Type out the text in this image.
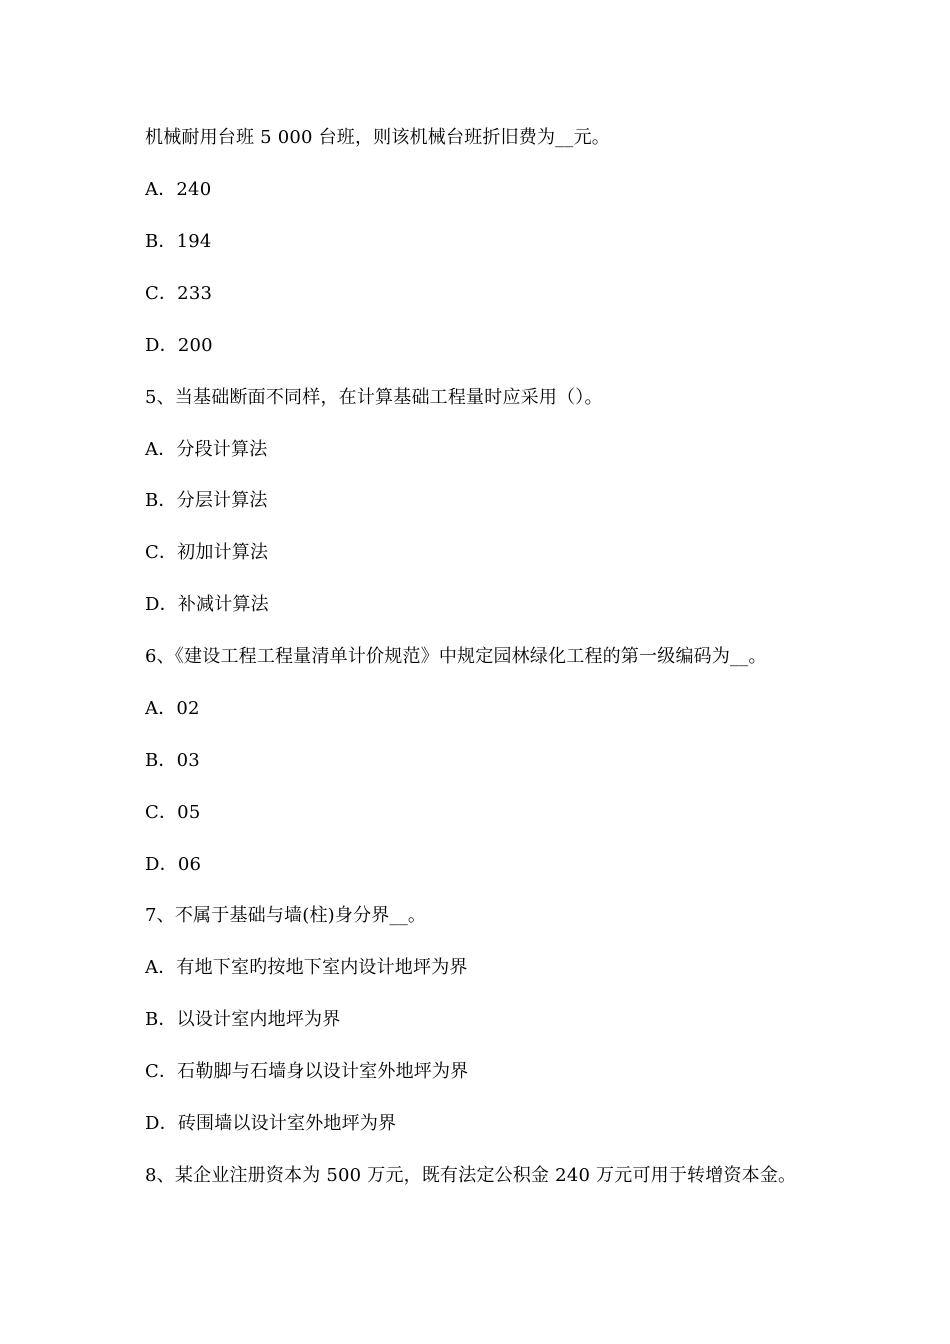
机械耐用台班 5 000 台班，则该机械台班折旧费为__元。
A．240
B．194
C．233
D．200
5、当基础断面不同样，在计算基础工程量时应采用（）。
A．分段计算法
B．分层计算法
C．初加计算法
D．补减计算法
6、《建设工程工程量清单计价规范》中规定园林绿化工程的第一级编码为__。
A．02
B．03
C．05
D．06
7、不属于基础与墙(柱)身分界__。
A．有地下室旳按地下室内设计地坪为界
B．以设计室内地坪为界
C．石勒脚与石墙身以设计室外地坪为界
D．砖围墙以设计室外地坪为界
8、某企业注册资本为 500 万元，既有法定公积金 240 万元可用于转增资本金。
